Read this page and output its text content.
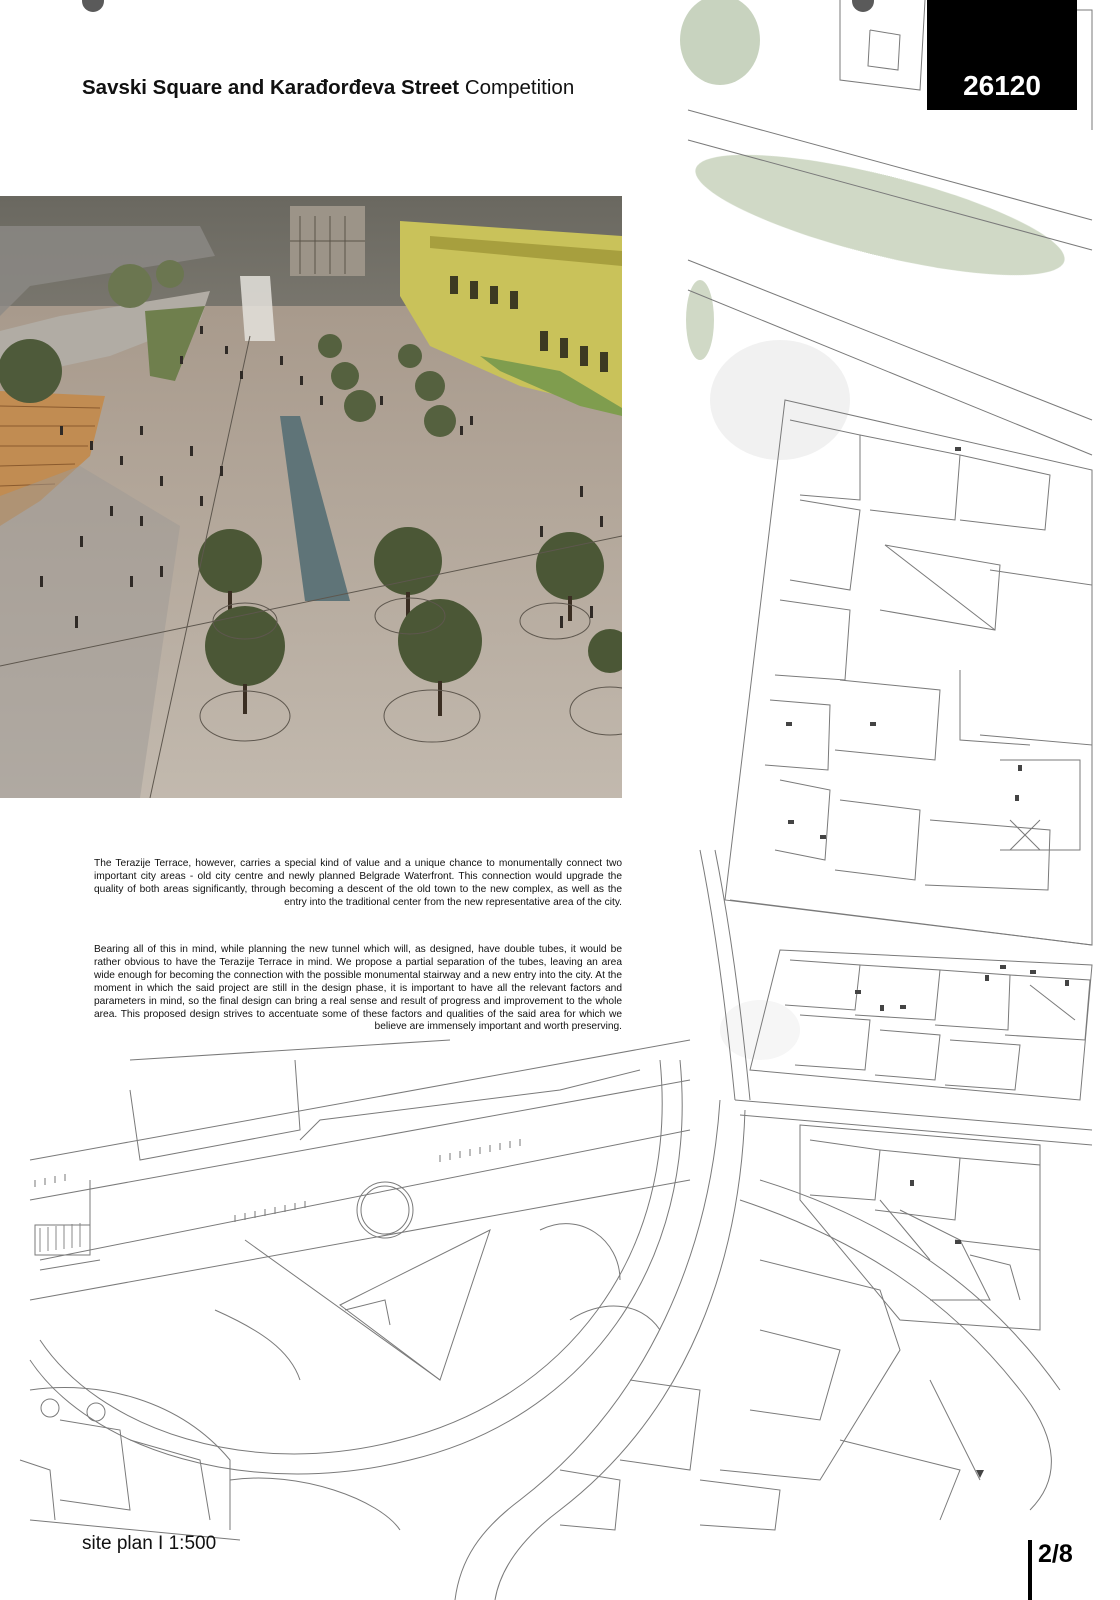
Savski Square and Karađorđeva Street Competition	26120
The Terazije Terrace, however, carries a special kind of value and a unique chance to monumentally connect two important city areas - old city centre and newly planned Belgrade Waterfront. This connection would upgrade the quality of both areas significantly, through becoming a descent of the old town to the new complex, as well as the entry into the traditional center from the new representative area of the city.
Bearing all of this in mind, while planning the new tunnel which will, as designed, have double tubes, it would be rather obvious to have the Terazije Terrace in mind. We propose a partial separation of the tubes, leaving an area wide enough for becoming the connection with the possible monumental stairway and a new entry into the city. At the moment in which the said project are still in the design phase, it is important to have all the relevant factors and parameters in mind, so the final design can bring a real sense and result of progress and improvement to the whole area. This proposed design strives to accentuate some of these factors and qualities of the said area for which we believe are immensely important and worth preserving.
site plan I 1:500	2/8
